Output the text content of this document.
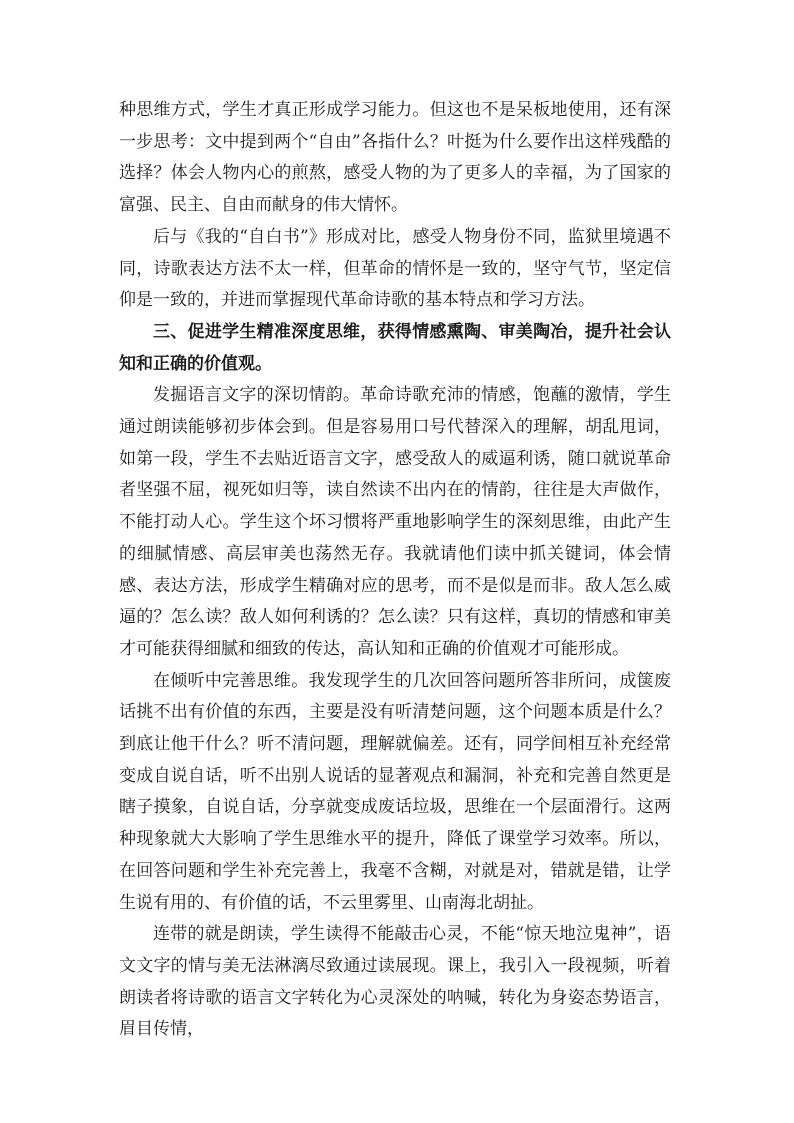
种思维方式，学生才真正形成学习能力。但这也不是呆板地使用，还有深一步思考：文中提到两个“自由”各指什么？叶挺为什么要作出这样残酷的选择？体会人物内心的煎熬，感受人物的为了更多人的幸福，为了国家的富强、民主、自由而献身的伟大情怀。

后与《我的“自白书”》形成对比，感受人物身份不同，监狱里境遇不同，诗歌表达方法不太一样，但革命的情怀是一致的，坚守气节，坚定信仰是一致的，并进而掌握现代革命诗歌的基本特点和学习方法。

三、促进学生精准深度思维，获得情感熏陶、审美陶冶，提升社会认知和正确的价值观。

发掘语言文字的深切情韵。革命诗歌充沛的情感，饱蘸的激情，学生通过朗读能够初步体会到。但是容易用口号代替深入的理解，胡乱甩词，如第一段，学生不去贴近语言文字，感受敌人的威逼利诱，随口就说革命者坚强不屈，视死如归等，读自然读不出内在的情韵，往往是大声做作，不能打动人心。学生这个坏习惯将严重地影响学生的深刻思维，由此产生的细腻情感、高层审美也荡然无存。我就请他们读中抓关键词，体会情感、表达方法，形成学生精确对应的思考，而不是似是而非。敌人怎么威逼的？怎么读？敌人如何利诱的？怎么读？只有这样，真切的情感和审美才可能获得细腻和细致的传达，高认知和正确的价值观才可能形成。

在倾听中完善思维。我发现学生的几次回答问题所答非所问，成箧废话挑不出有价值的东西，主要是没有听清楚问题，这个问题本质是什么？到底让他干什么？听不清问题，理解就偏差。还有，同学间相互补充经常变成自说自话，听不出别人说话的显著观点和漏洞，补充和完善自然更是瞎子摸象，自说自话，分享就变成废话垃圾，思维在一个层面滑行。这两种现象就大大影响了学生思维水平的提升，降低了课堂学习效率。所以，在回答问题和学生补充完善上，我毫不含糊，对就是对，错就是错，让学生说有用的、有价值的话，不云里雾里、山南海北胡扯。

连带的就是朗读，学生读得不能敲击心灵，不能“惊天地泣鬼神”，语文文字的情与美无法淋漓尽致通过读展现。课上，我引入一段视频，听着朗读者将诗歌的语言文字转化为心灵深处的呐喊，转化为身姿态势语言，眉目传情，
